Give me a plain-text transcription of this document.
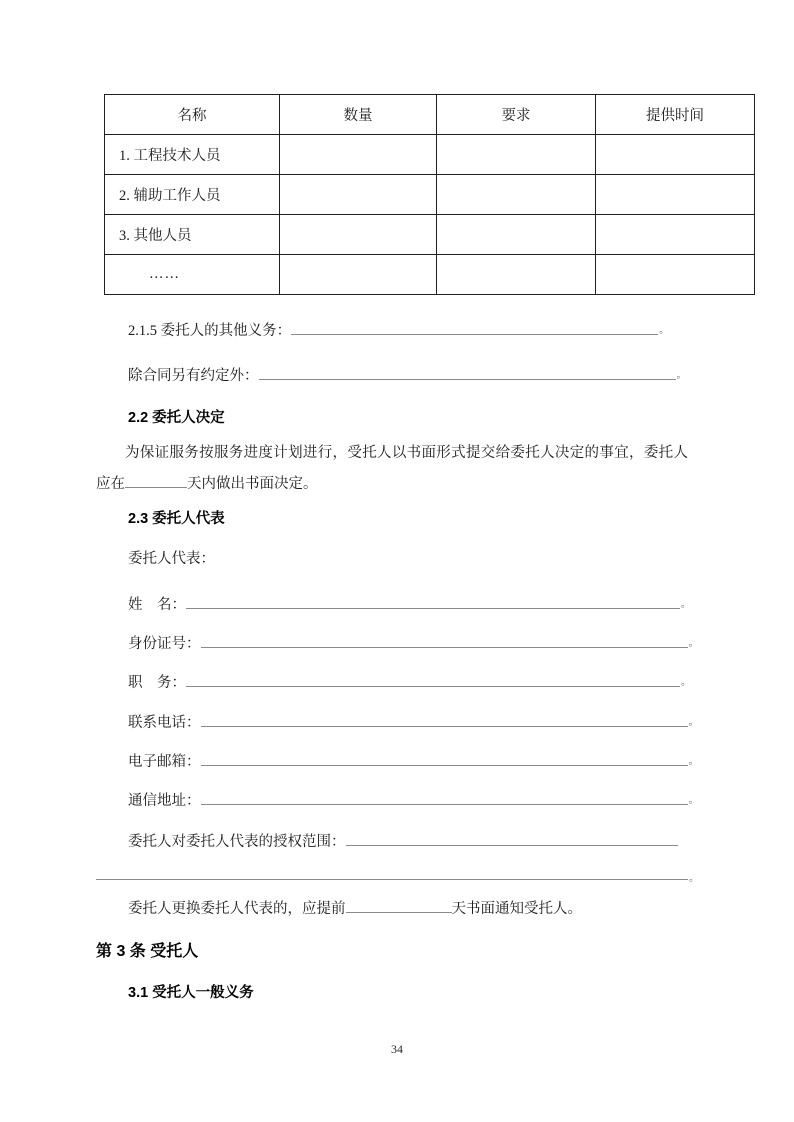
名称	数量	要求	提供时间
1. 工程技术人员			
2. 辅助工作人员			
3. 其他人员			
……			
2.1.5 委托人的其他义务：	。
除合同另有约定外：	。
2.2 委托人决定
为保证服务按服务进度计划进行，受托人以书面形式提交给委托人决定的事宜，委托人应在	天内做出书面决定。
2.3 委托人代表
委托人代表：
姓　名：	。
身份证号：	。
职　务：	。
联系电话：	。
电子邮箱：	。
通信地址：	。
委托人对委托人代表的授权范围：
。
委托人更换委托人代表的，应提前	天书面通知受托人。
第 3 条 受托人
3.1 受托人一般义务
34
